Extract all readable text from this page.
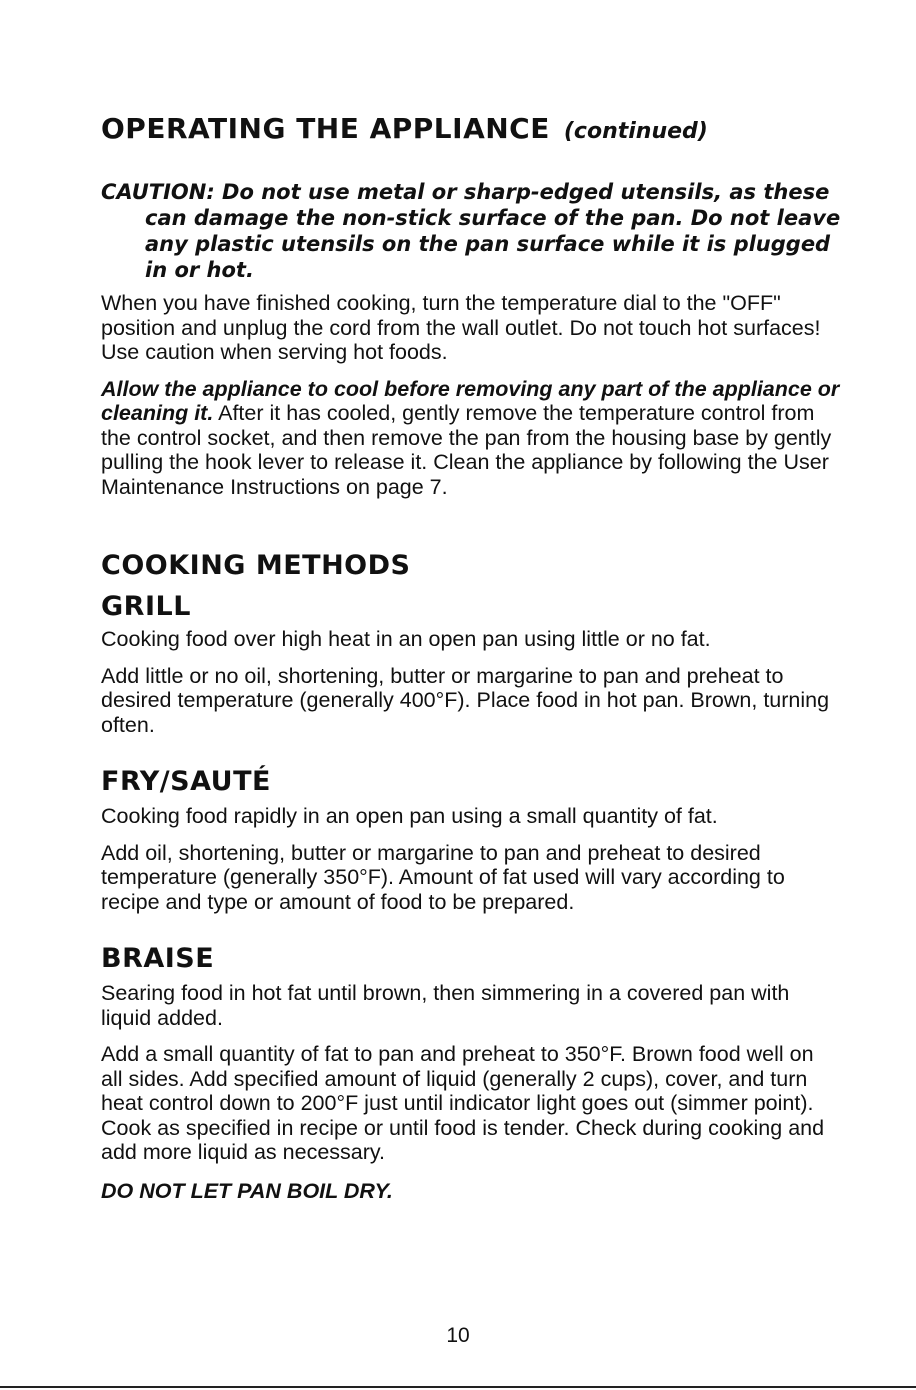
OPERATING THE APPLIANCE (continued)
CAUTION: Do not use metal or sharp-edged utensils, as these can damage the non-stick surface of the pan. Do not leave any plastic utensils on the pan surface while it is plugged in or hot.

When you have finished cooking, turn the temperature dial to the "OFF" position and unplug the cord from the wall outlet. Do not touch hot surfaces! Use caution when serving hot foods.

Allow the appliance to cool before removing any part of the appliance or cleaning it. After it has cooled, gently remove the temperature control from the control socket, and then remove the pan from the housing base by gently pulling the hook lever to release it. Clean the appliance by following the User Maintenance Instructions on page 7.

COOKING METHODS
GRILL

Cooking food over high heat in an open pan using little or no fat.

Add little or no oil, shortening, butter or margarine to pan and preheat to desired temperature (generally 400°F). Place food in hot pan. Brown, turning often.

FRY/SAUTÉ

Cooking food rapidly in an open pan using a small quantity of fat.

Add oil, shortening, butter or margarine to pan and preheat to desired temperature (generally 350°F). Amount of fat used will vary according to recipe and type or amount of food to be prepared.

BRAISE

Searing food in hot fat until brown, then simmering in a covered pan with liquid added.

Add a small quantity of fat to pan and preheat to 350°F. Brown food well on all sides. Add specified amount of liquid (generally 2 cups), cover, and turn heat control down to 200°F just until indicator light goes out (simmer point). Cook as specified in recipe or until food is tender. Check during cooking and add more liquid as necessary.

DO NOT LET PAN BOIL DRY.

10
